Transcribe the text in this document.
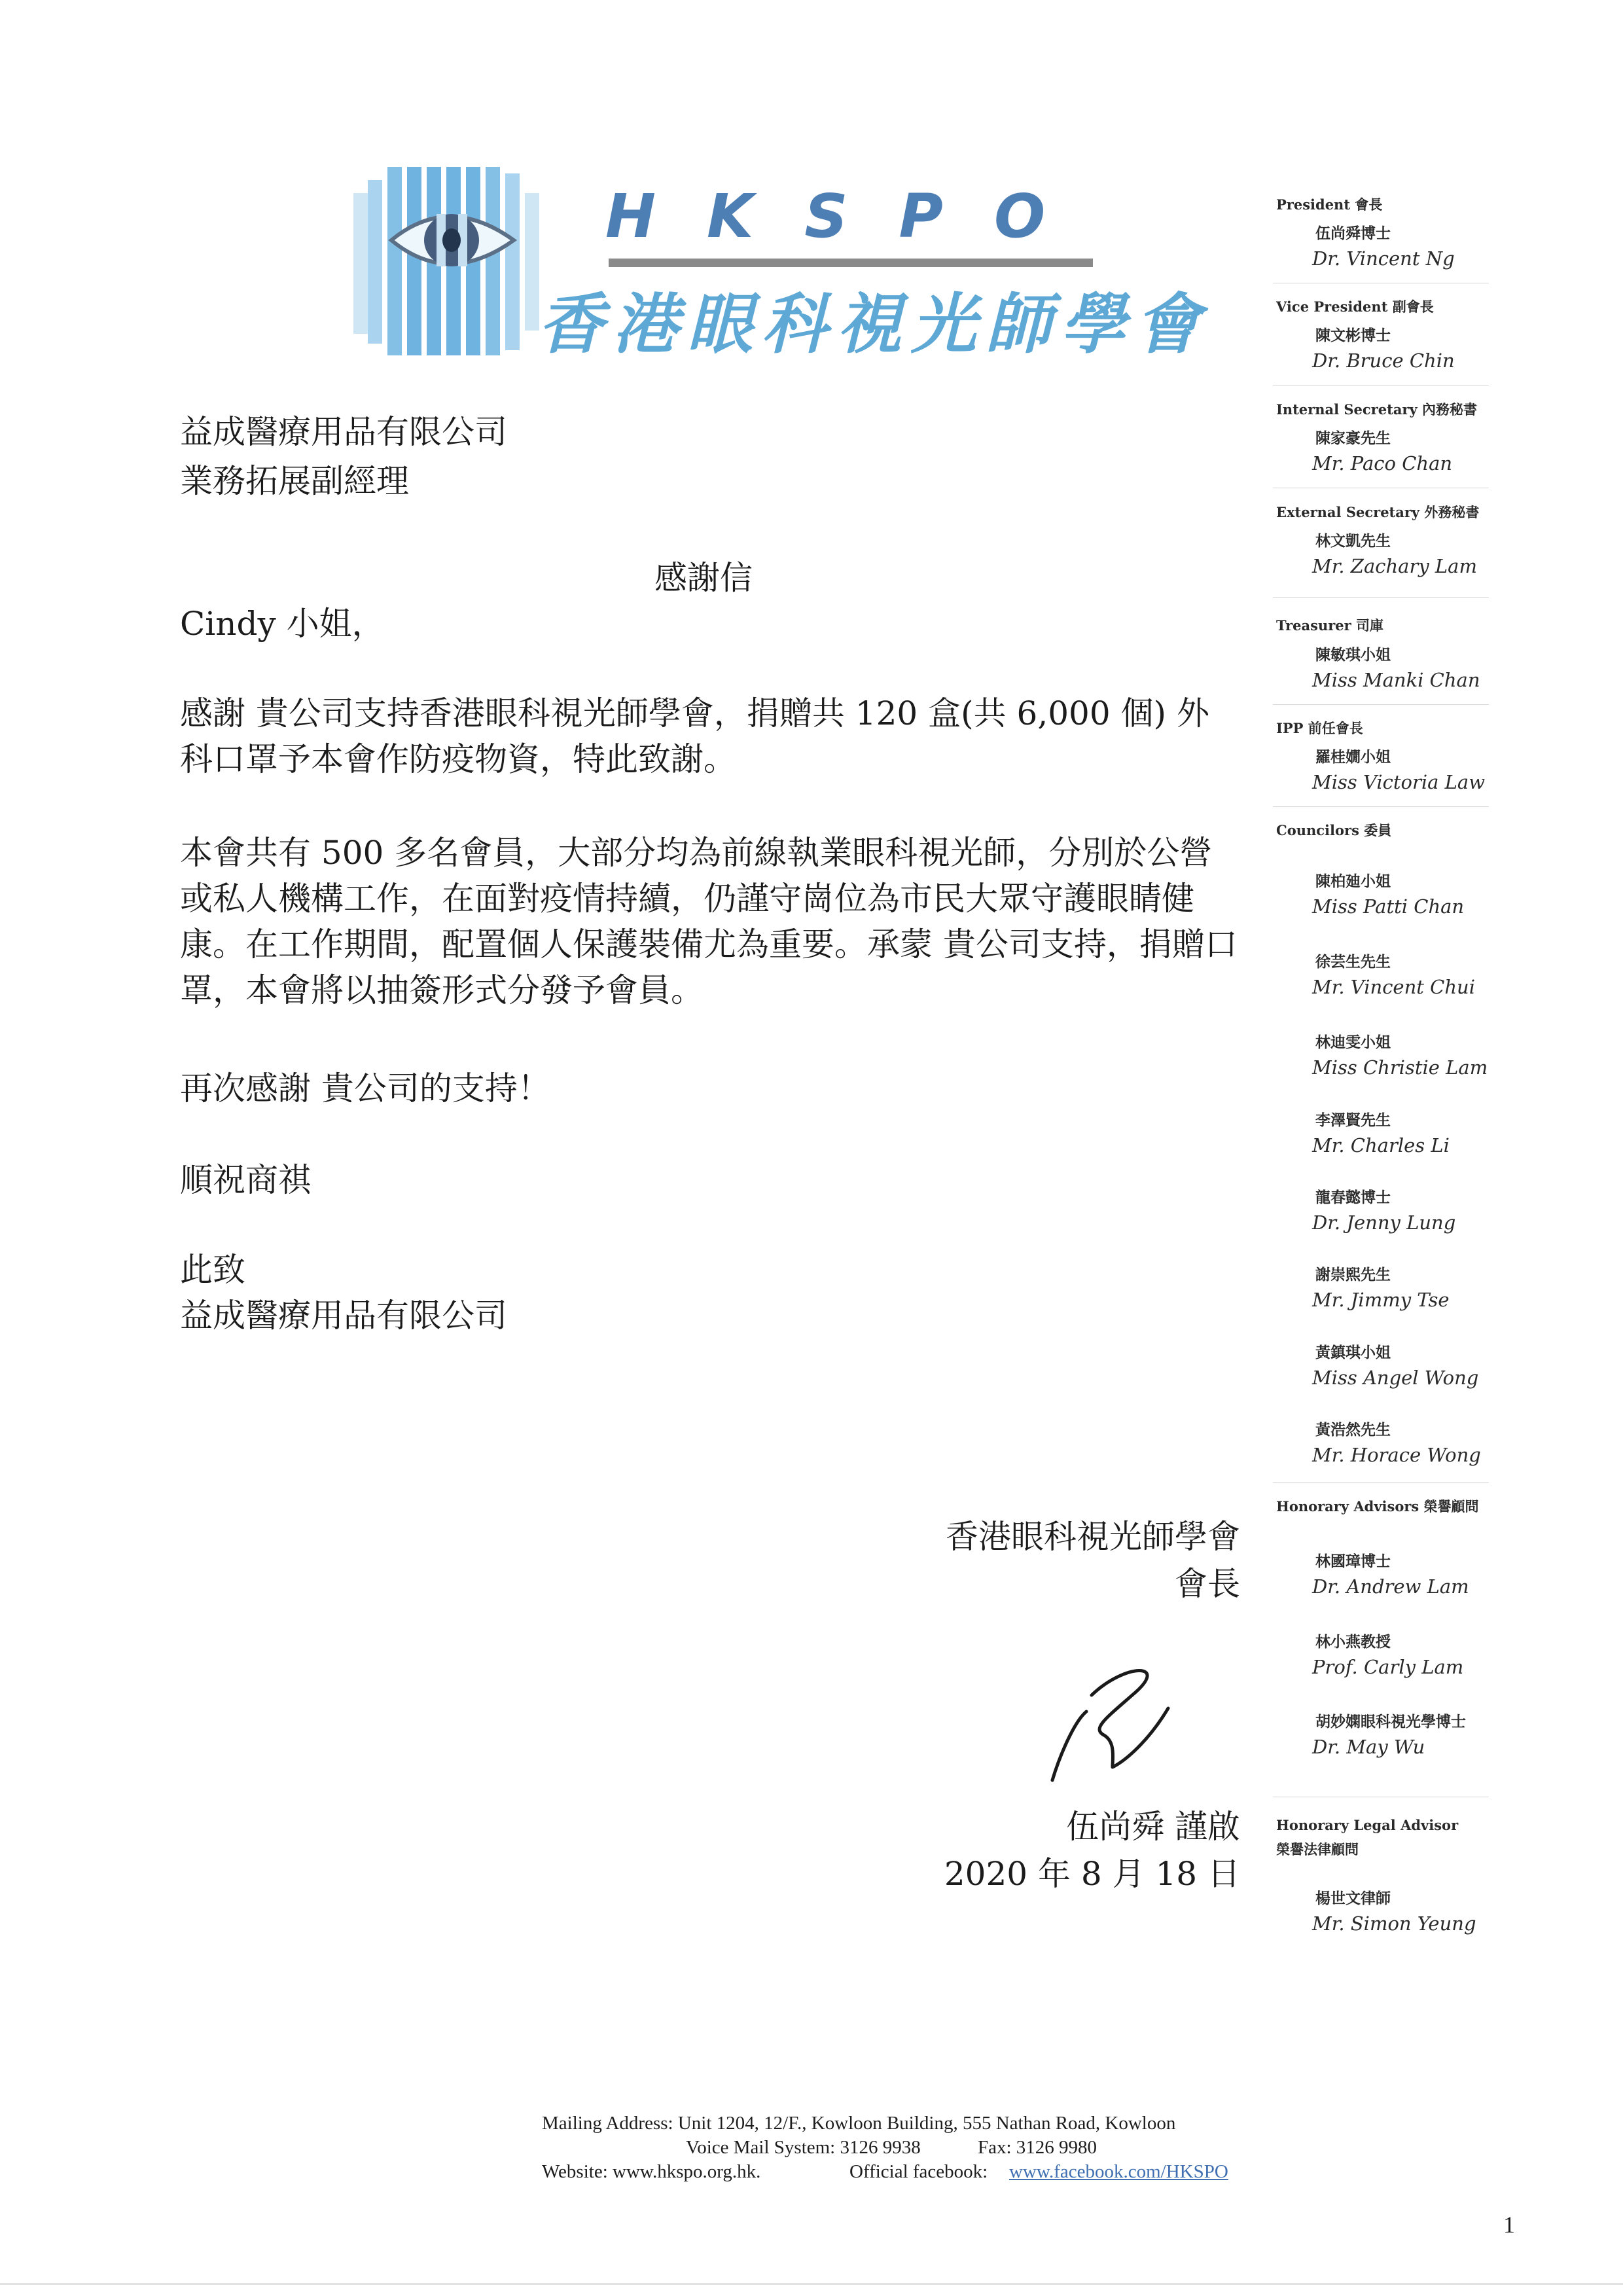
HKSPO
香港眼科視光師學會
益成醫療用品有限公司
業務拓展副經理
感謝信
Cindy 小姐，
感謝 貴公司支持香港眼科視光師學會，捐贈共 120 盒(共 6,000 個) 外科口罩予本會作防疫物資，特此致謝。
本會共有 500 多名會員，大部分均為前線執業眼科視光師，分別於公營或私人機構工作，在面對疫情持續，仍謹守崗位為市民大眾守護眼睛健康。在工作期間，配置個人保護裝備尤為重要。承蒙 貴公司支持，捐贈口罩，本會將以抽簽形式分發予會員。
再次感謝 貴公司的支持！
順祝商祺
此致
益成醫療用品有限公司
香港眼科視光師學會
會長
伍尚舜 謹啟
2020 年 8 月 18 日
President 會長
伍尚舜博士
Dr. Vincent Ng
Vice President 副會長
陳文彬博士
Dr. Bruce Chin
Internal Secretary 內務秘書
陳家豪先生
Mr. Paco Chan
External Secretary 外務秘書
林文凱先生
Mr. Zachary Lam
Treasurer 司庫
陳敏琪小姐
Miss Manki Chan
IPP 前任會長
羅桂嫺小姐
Miss Victoria Law
Councilors 委員
陳柏廸小姐
Miss Patti Chan
徐芸生先生
Mr. Vincent Chui
林迪雯小姐
Miss Christie Lam
李澤賢先生
Mr. Charles Li
龍春懿博士
Dr. Jenny Lung
謝崇熙先生
Mr. Jimmy Tse
黃鎮琪小姐
Miss Angel Wong
黃浩然先生
Mr. Horace Wong
Honorary Advisors 榮譽顧問
林國璋博士
Dr. Andrew Lam
林小燕教授
Prof. Carly Lam
胡妙嫻眼科視光學博士
Dr. May Wu
Honorary Legal Advisor
榮譽法律顧問
楊世文律師
Mr. Simon Yeung
Mailing Address: Unit 1204, 12/F., Kowloon Building, 555 Nathan Road, Kowloon
Voice Mail System: 3126 9938	Fax: 3126 9980
Website: www.hkspo.org.hk.	Official facebook: www.facebook.com/HKSPO
1
